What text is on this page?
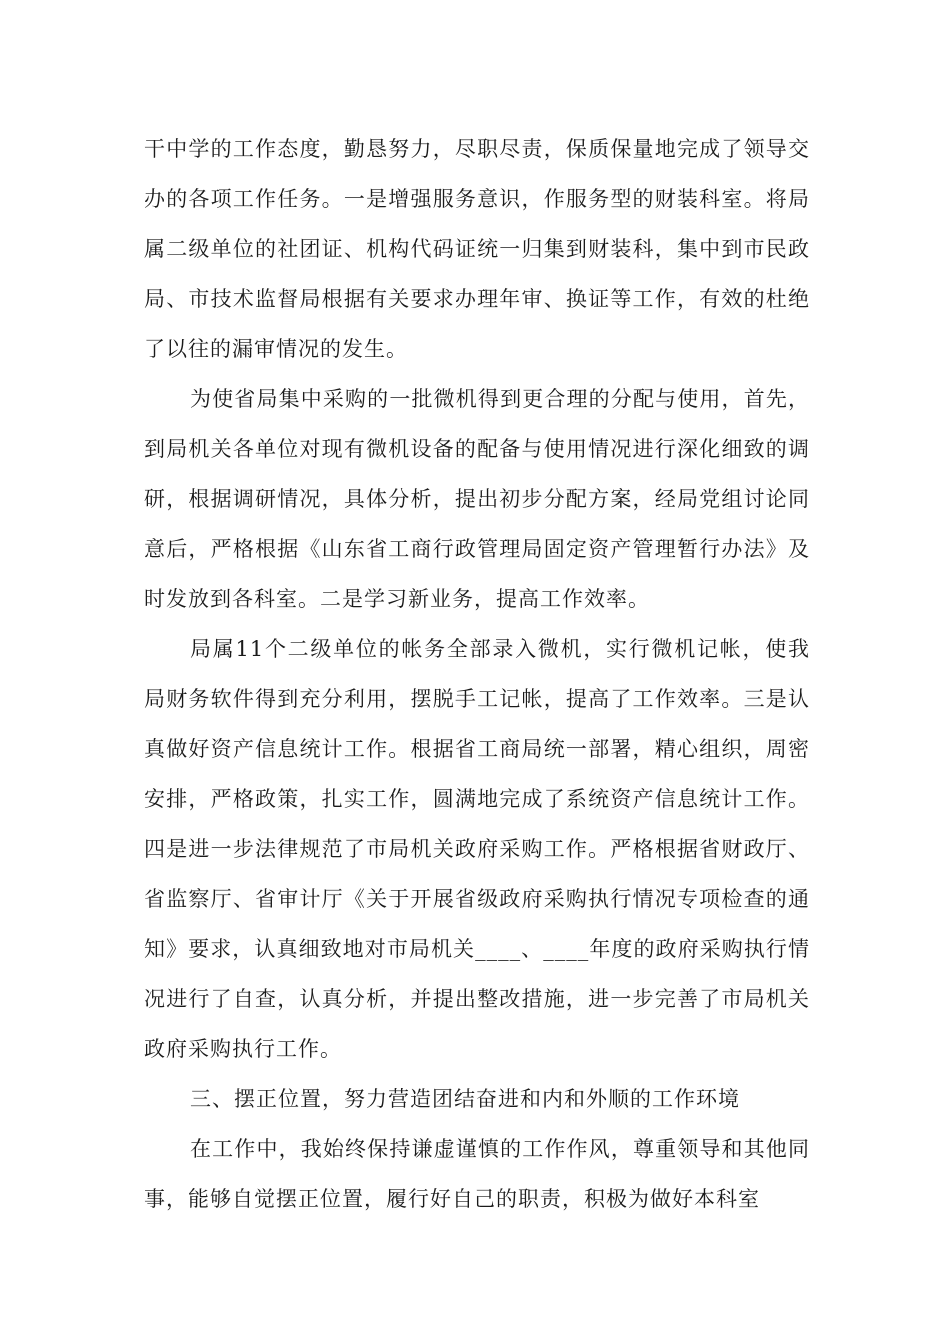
干中学的工作态度，勤恳努力，尽职尽责，保质保量地完成了领导交办的各项工作任务。一是增强服务意识，作服务型的财装科室。将局属二级单位的社团证、机构代码证统一归集到财装科，集中到市民政局、市技术监督局根据有关要求办理年审、换证等工作，有效的杜绝了以往的漏审情况的发生。

为使省局集中采购的一批微机得到更合理的分配与使用，首先，到局机关各单位对现有微机设备的配备与使用情况进行深化细致的调研，根据调研情况，具体分析，提出初步分配方案，经局党组讨论同意后，严格根据《山东省工商行政管理局固定资产管理暂行办法》及时发放到各科室。二是学习新业务，提高工作效率。

局属11个二级单位的帐务全部录入微机，实行微机记帐，使我局财务软件得到充分利用，摆脱手工记帐，提高了工作效率。三是认真做好资产信息统计工作。根据省工商局统一部署，精心组织，周密安排，严格政策，扎实工作，圆满地完成了系统资产信息统计工作。四是进一步法律规范了市局机关政府采购工作。严格根据省财政厅、省监察厅、省审计厅《关于开展省级政府采购执行情况专项检查的通知》要求，认真细致地对市局机关____、____年度的政府采购执行情况进行了自查，认真分析，并提出整改措施，进一步完善了市局机关政府采购执行工作。

三、摆正位置，努力营造团结奋进和内和外顺的工作环境

在工作中，我始终保持谦虚谨慎的工作作风，尊重领导和其他同事，能够自觉摆正位置，履行好自己的职责，积极为做好本科室
